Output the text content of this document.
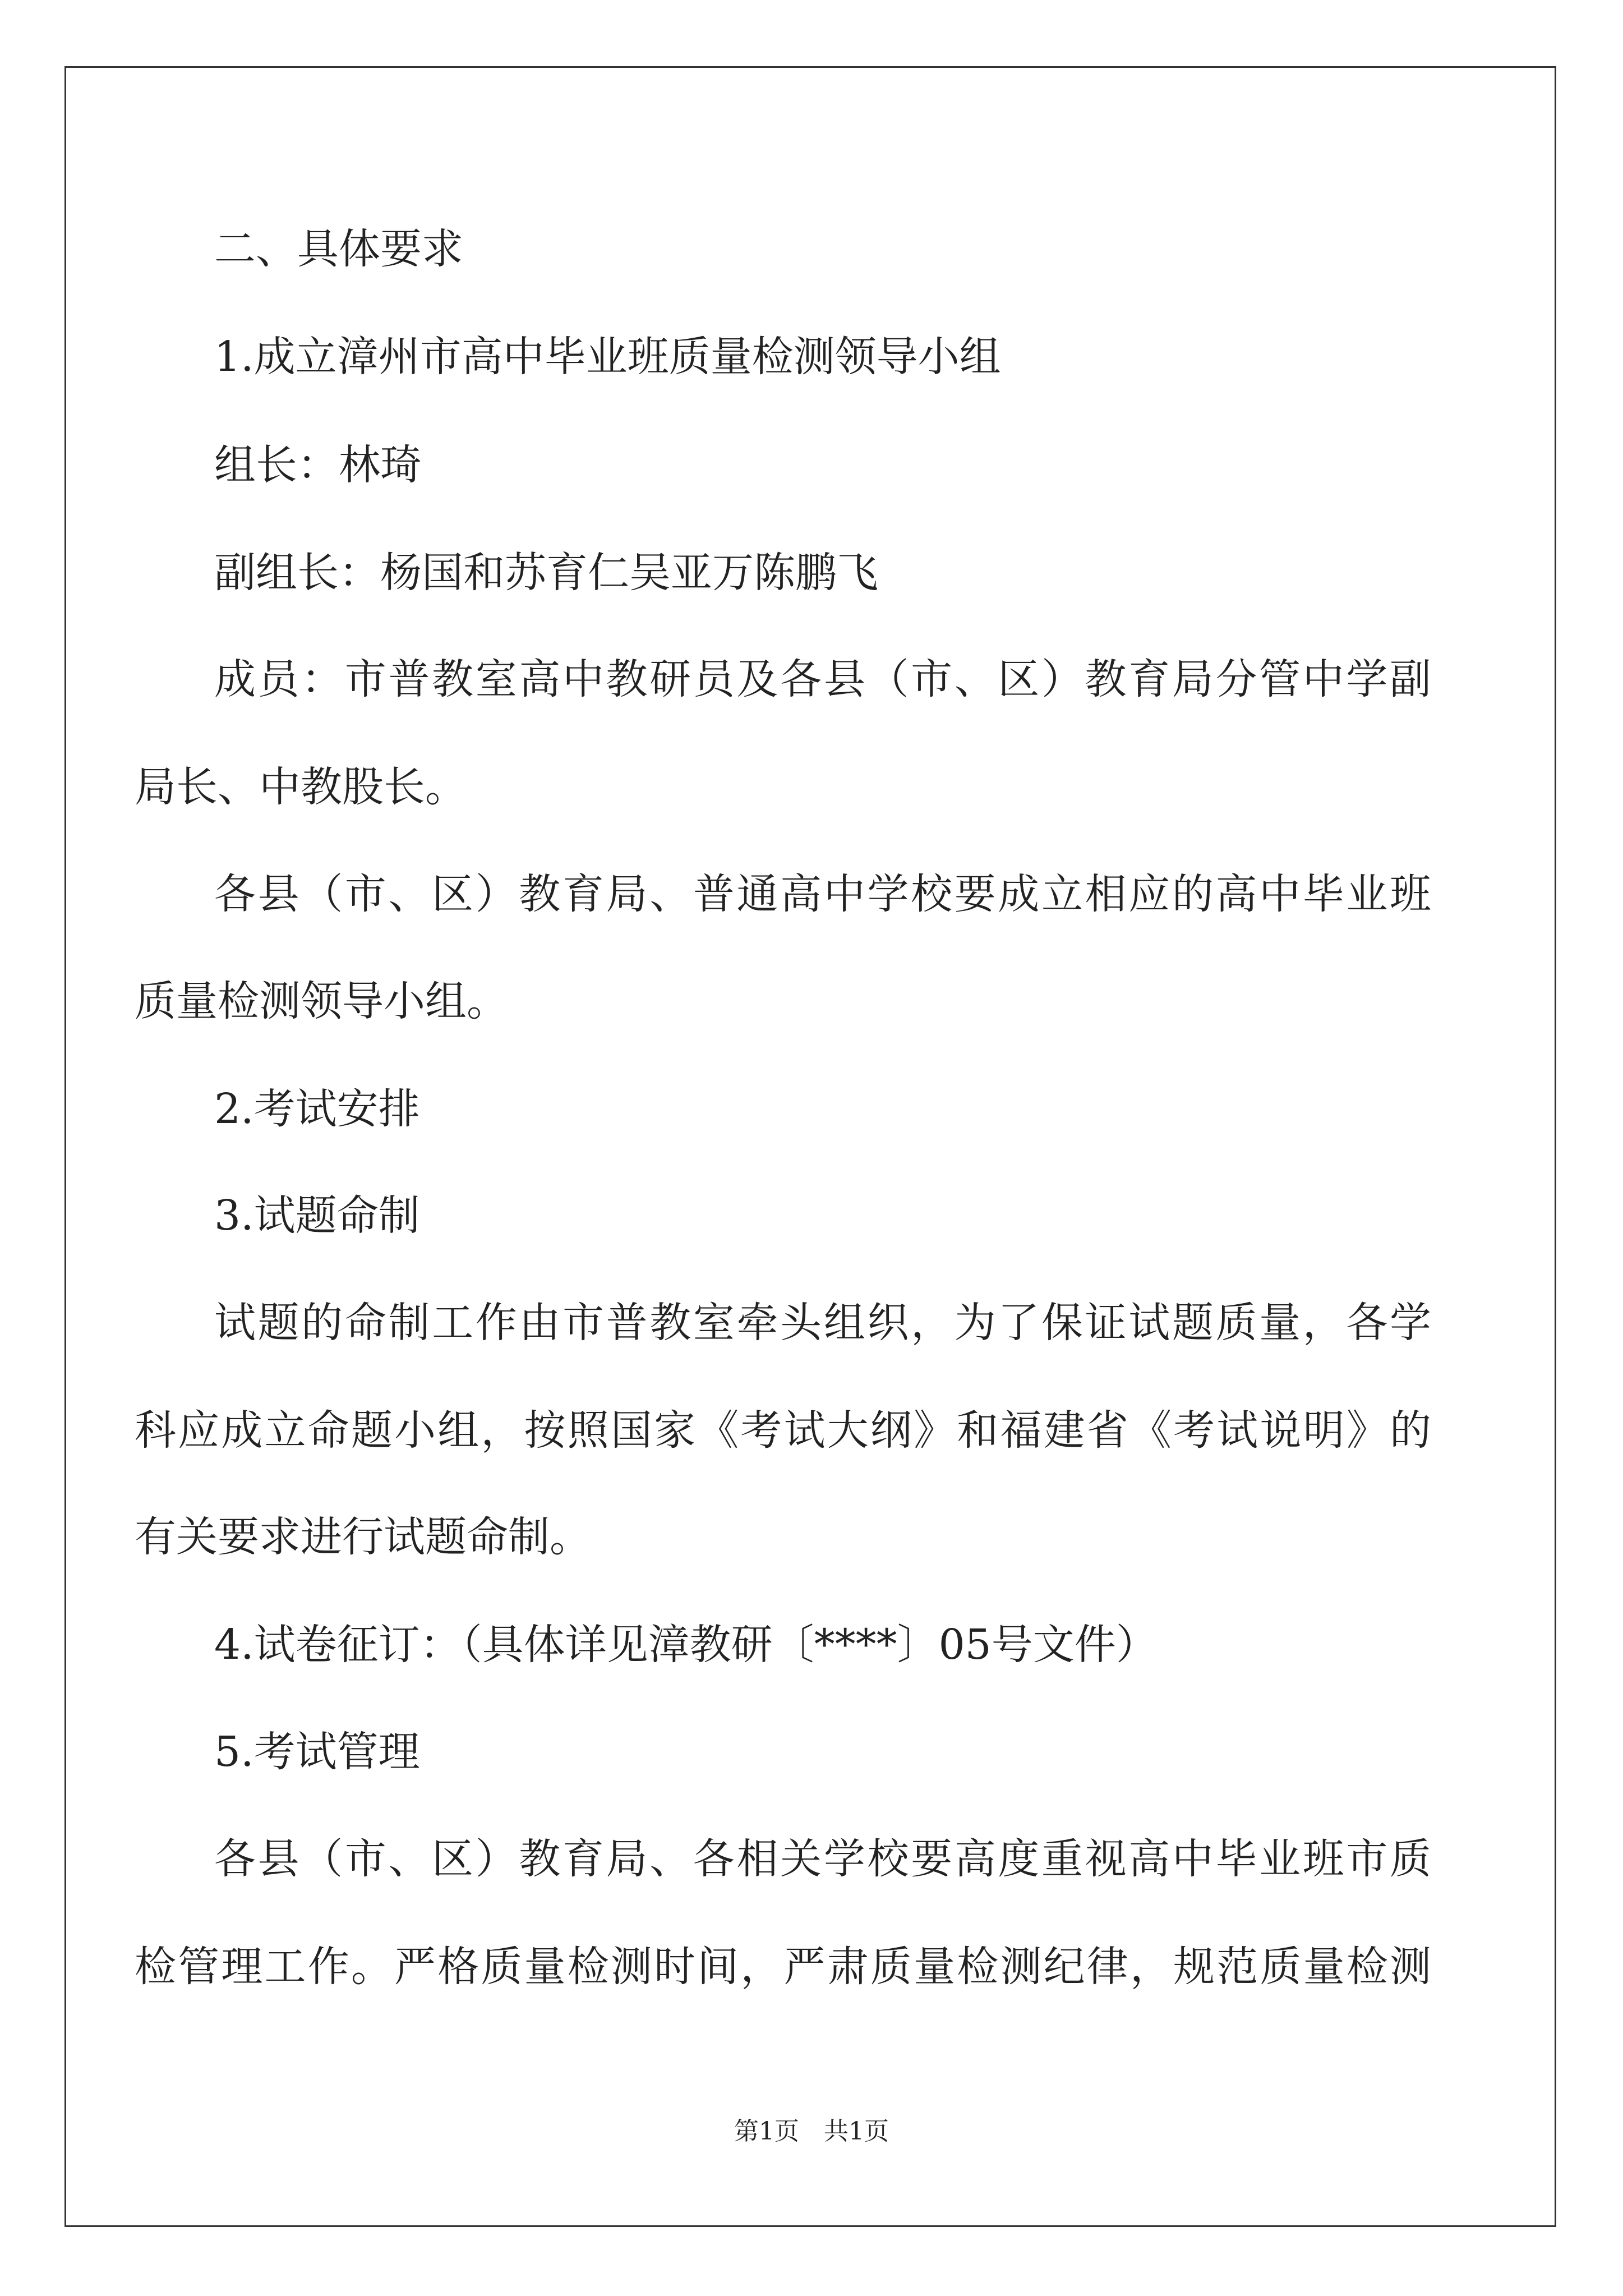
二、具体要求

1.成立漳州市高中毕业班质量检测领导小组

组长：林琦

副组长：杨国和苏育仁吴亚万陈鹏飞

成员：市普教室高中教研员及各县（市、区）教育局分管中学副

局长、中教股长。

各县（市、区）教育局、普通高中学校要成立相应的高中毕业班

质量检测领导小组。

2.考试安排

3.试题命制

试题的命制工作由市普教室牵头组织，为了保证试题质量，各学

科应成立命题小组，按照国家《考试大纲》和福建省《考试说明》的

有关要求进行试题命制。

4.试卷征订：（具体详见漳教研〔****〕05号文件）

5.考试管理

各县（市、区）教育局、各相关学校要高度重视高中毕业班市质

检管理工作。严格质量检测时间，严肃质量检测纪律，规范质量检测

第1页　共1页
